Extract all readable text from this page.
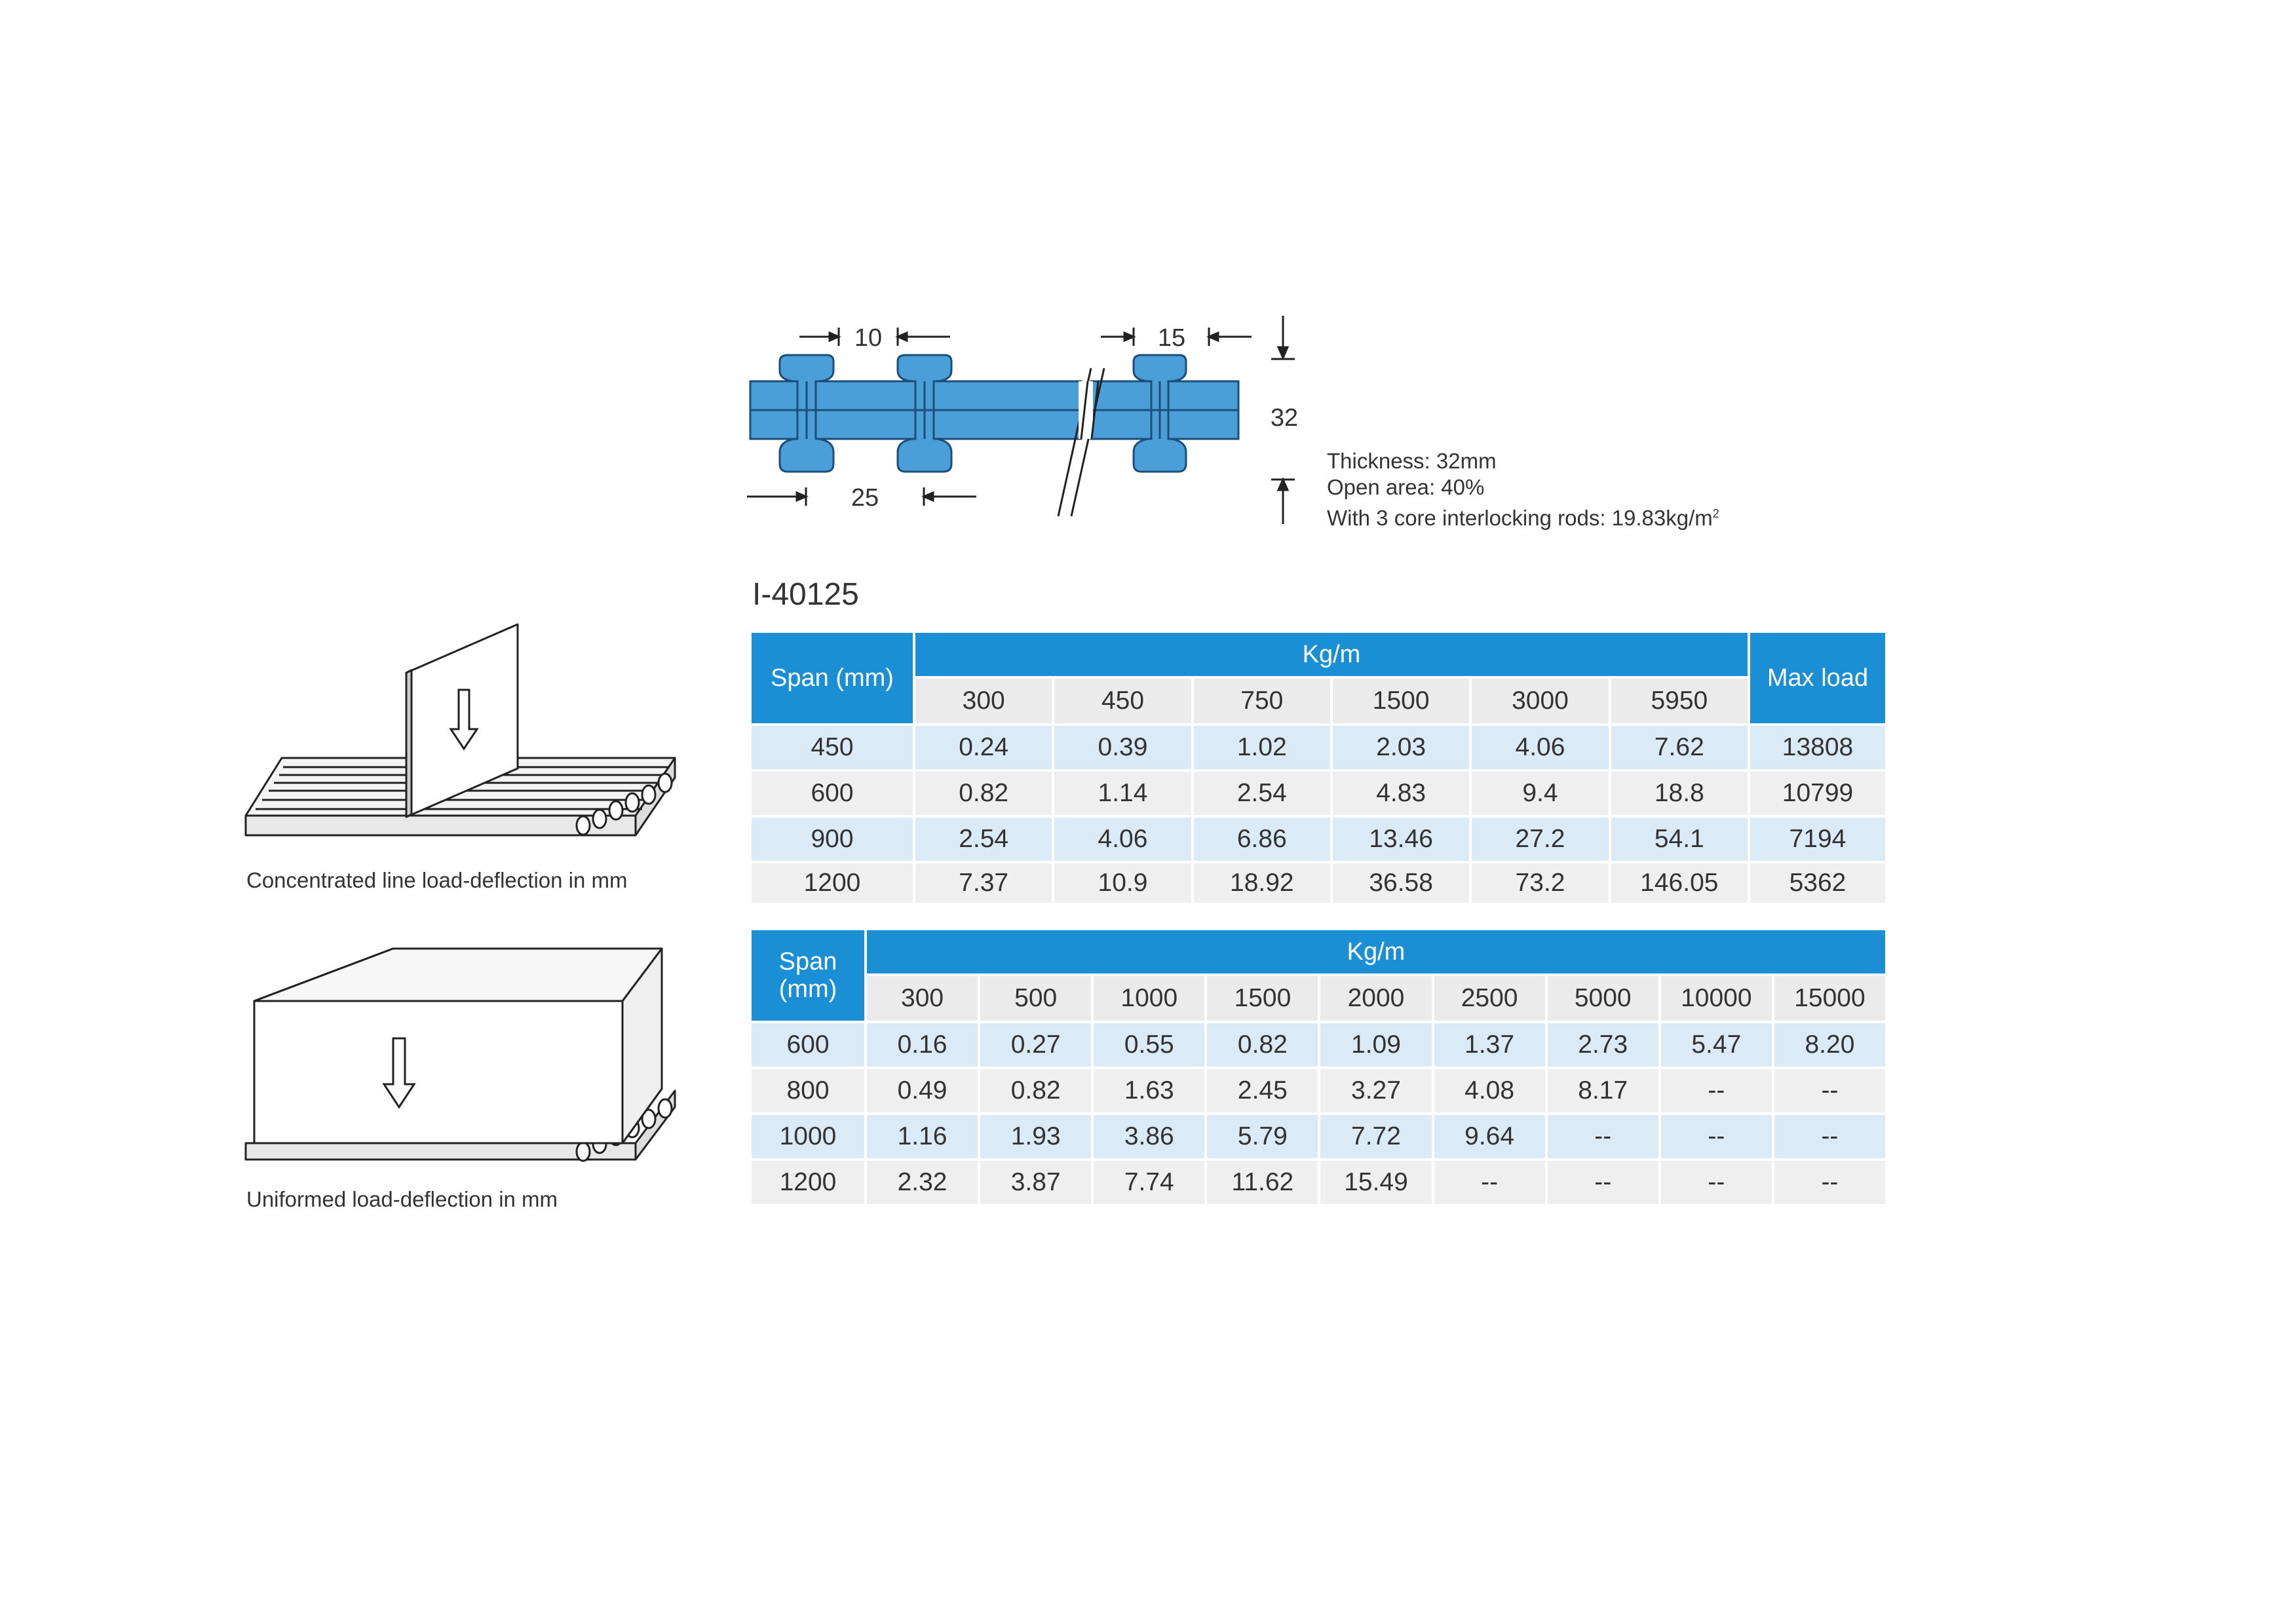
10	15
32
25
Thickness: 32mm
Open area: 40%
With 3 core interlocking rods: $19.83kg/m^2$
I-40125
Span (mm)	Kg/m						Max load
	300	450	750	1500	3000	5950	
450	0.24	0.39	1.02	2.03	4.06	7.62	13808
600	0.82	1.14	2.54	4.83	9.4	18.8	10799
900	2.54	4.06	6.86	13.46	27.2	54.1	7194
1200	7.37	10.9	18.92	36.58	73.2	146.05	5362
Span
(mm)	Kg/m								
	300	500	1000	1500	2000	2500	5000	10000	15000
600	0.16	0.27	0.55	0.82	1.09	1.37	2.73	5.47	8.20
800	0.49	0.82	1.63	2.45	3.27	4.08	8.17	--	--
1000	1.16	1.93	3.86	5.79	7.72	9.64	--	--	--
1200	2.32	3.87	7.74	11.62	15.49	--	--	--	--
Concentrated line load-deflection in mm
Uniformed load-deflection in mm
